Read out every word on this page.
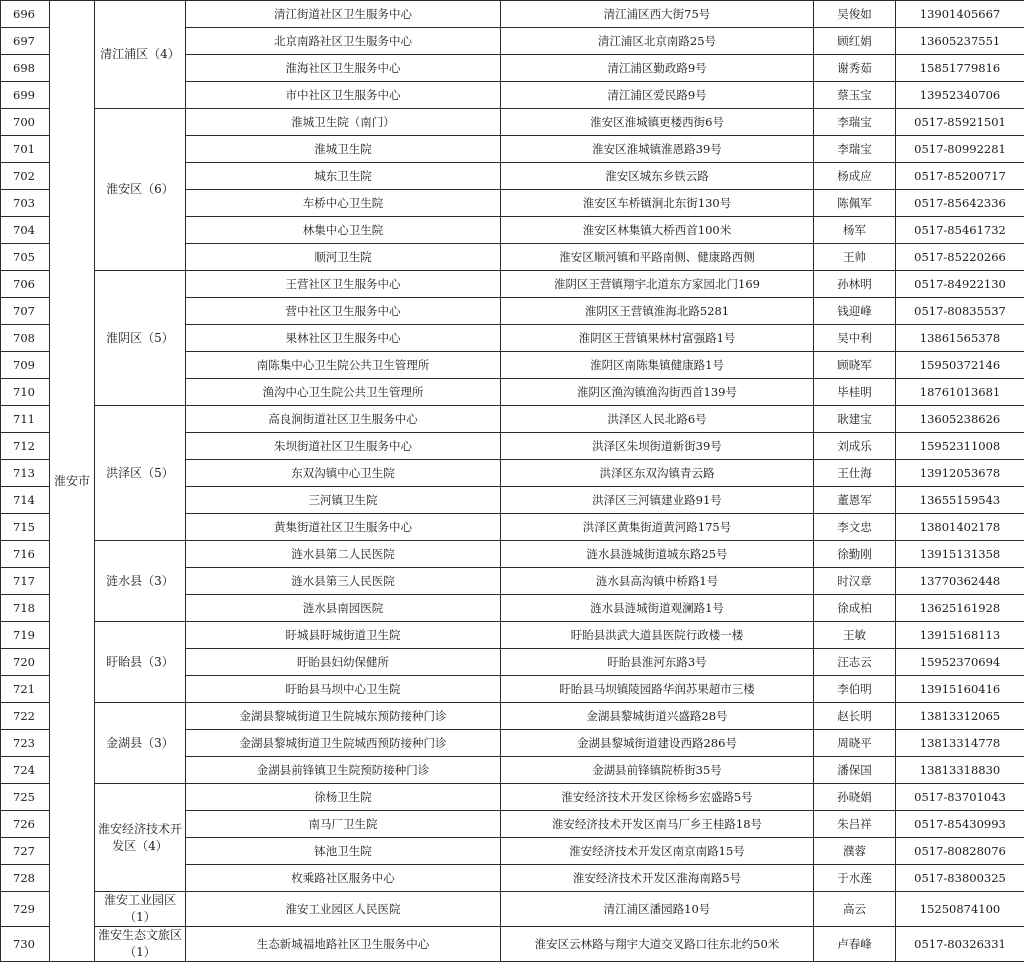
696	淮安市	清江浦区（4）	清江街道社区卫生服务中心	清江浦区西大街75号	吴俊如	13901405667
697			北京南路社区卫生服务中心	清江浦区北京南路25号	顾红娟	13605237551
698			淮海社区卫生服务中心	清江浦区勤政路9号	谢秀茹	15851779816
699			市中社区卫生服务中心	清江浦区爱民路9号	蔡玉宝	13952340706
700		淮安区（6）	淮城卫生院（南门）	淮安区淮城镇更楼西街6号	李瑞宝	0517-85921501
701			淮城卫生院	淮安区淮城镇淮恩路39号	李瑞宝	0517-80992281
702			城东卫生院	淮安区城东乡铁云路	杨成应	0517-85200717
703			车桥中心卫生院	淮安区车桥镇涧北东街130号	陈佩军	0517-85642336
704			林集中心卫生院	淮安区林集镇大桥西首100米	杨军	0517-85461732
705			顺河卫生院	淮安区顺河镇和平路南侧、健康路西侧	王帅	0517-85220266
706		淮阴区（5）	王营社区卫生服务中心	淮阴区王营镇翔宇北道东方家园北门169	孙林明	0517-84922130
707			营中社区卫生服务中心	淮阴区王营镇淮海北路5281	钱迎峰	0517-80835537
708			果林社区卫生服务中心	淮阴区王营镇果林村富强路1号	吴中利	13861565378
709			南陈集中心卫生院公共卫生管理所	淮阴区南陈集镇健康路1号	顾晓军	15950372146
710			渔沟中心卫生院公共卫生管理所	淮阴区渔沟镇渔沟街西首139号	毕桂明	18761013681
711		洪泽区（5）	高良涧街道社区卫生服务中心	洪泽区人民北路6号	耿建宝	13605238626
712			朱坝街道社区卫生服务中心	洪泽区朱坝街道新街39号	刘成乐	15952311008
713			东双沟镇中心卫生院	洪泽区东双沟镇青云路	王仕海	13912053678
714			三河镇卫生院	洪泽区三河镇建业路91号	董恩军	13655159543
715			黄集街道社区卫生服务中心	洪泽区黄集街道黄河路175号	李文忠	13801402178
716		涟水县（3）	涟水县第二人民医院	涟水县涟城街道城东路25号	徐勤刚	13915131358
717			涟水县第三人民医院	涟水县高沟镇中桥路1号	时汉章	13770362448
718			涟水县南园医院	涟水县涟城街道观澜路1号	徐成柏	13625161928
719		盱眙县（3）	盱城县盱城街道卫生院	盱眙县洪武大道县医院行政楼一楼	王敏	13915168113
720			盱眙县妇幼保健所	盱眙县淮河东路3号	汪志云	15952370694
721			盱眙县马坝中心卫生院	盱眙县马坝镇陵园路华润苏果超市三楼	李伯明	13915160416
722		金湖县（3）	金湖县黎城街道卫生院城东预防接种门诊	金湖县黎城街道兴盛路28号	赵长明	13813312065
723			金湖县黎城街道卫生院城西预防接种门诊	金湖县黎城街道建设西路286号	周晓平	13813314778
724			金湖县前锋镇卫生院预防接种门诊	金湖县前锋镇院桥街35号	潘保国	13813318830
725		淮安经济技术开发区（4）	徐杨卫生院	淮安经济技术开发区徐杨乡宏盛路5号	孙晓娟	0517-83701043
726			南马厂卫生院	淮安经济技术开发区南马厂乡王桂路18号	朱吕祥	0517-85430993
727			钵池卫生院	淮安经济技术开发区南京南路15号	濮蓉	0517-80828076
728			枚乘路社区服务中心	淮安经济技术开发区淮海南路5号	于水莲	0517-83800325
729		淮安工业园区（1）	淮安工业园区人民医院	清江浦区潘园路10号	高云	15250874100
730		淮安生态文旅区（1）	生态新城福地路社区卫生服务中心	淮安区云林路与翔宇大道交叉路口往东北约50米	卢春峰	0517-80326331
